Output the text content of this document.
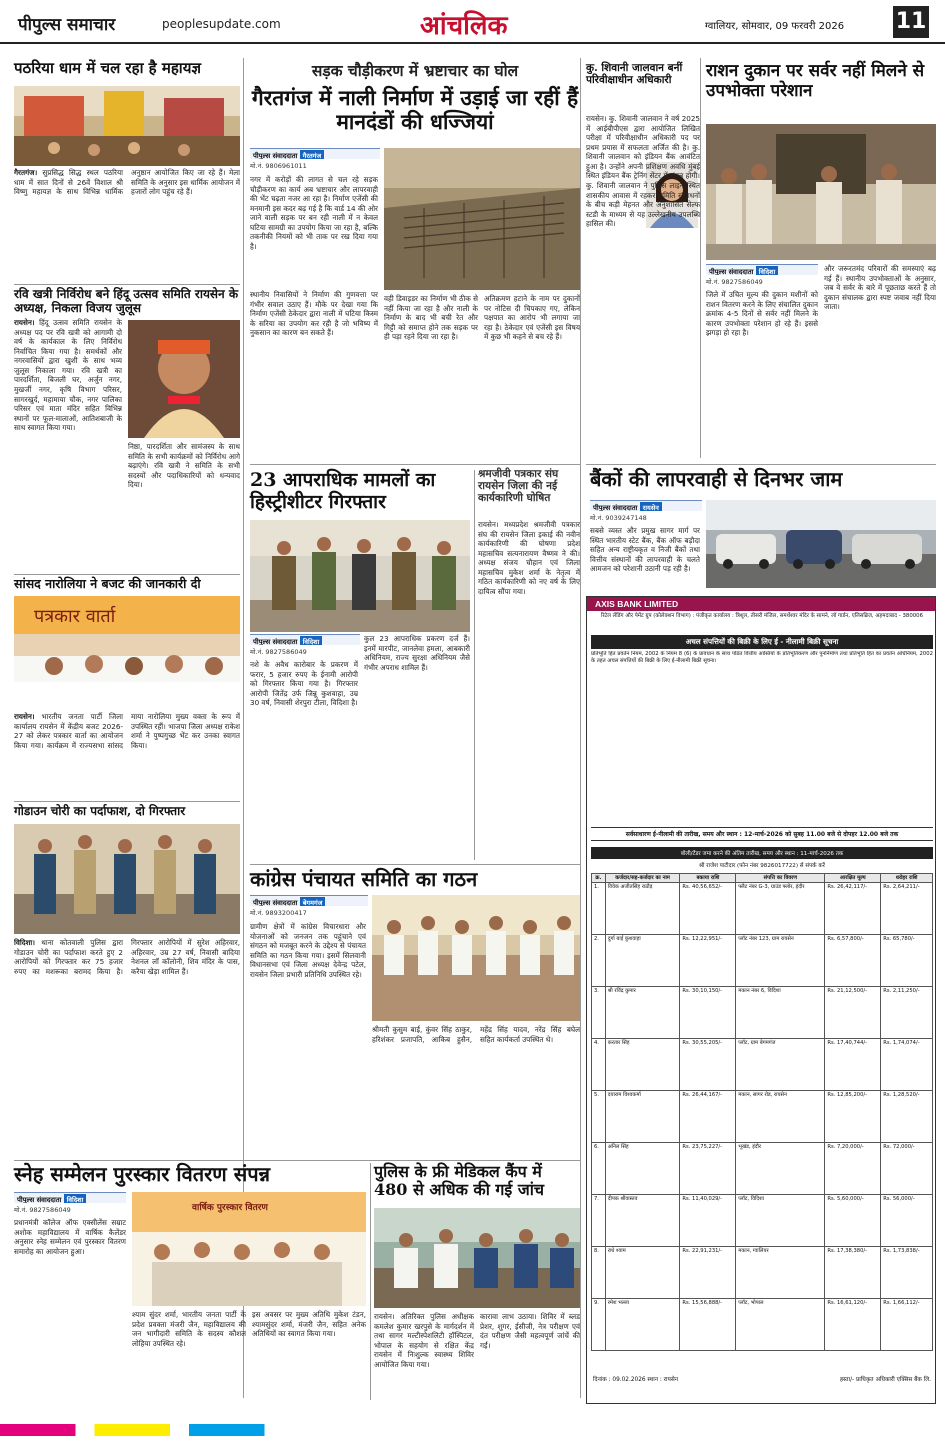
पीपुल्स समाचार	peoplesupdate.com	आंचलिक	ग्वालियर, सोमवार, 09 फरवरी 2026 11
पठरिया धाम में चल रहा है महायज्ञ
गैरतगंज। सुप्रसिद्ध सिद्ध स्थल पठरिया धाम में सात दिनों से 26वें विशाल श्री विष्णु महायज्ञ के साथ विभिन्न धार्मिक अनुष्ठान आयोजित किए जा रहे हैं। मेला समिति के अनुसार इस धार्मिक आयोजन में हजारों लोग पहुंच रहे हैं।
रवि खत्री निर्विरोध बने हिंदू उत्सव समिति रायसेन के अध्यक्ष, निकला विजय जुलूस
रायसेन। हिंदू उत्सव समिति रायसेन के अध्यक्ष पद पर रवि खत्री को आगामी दो वर्ष के कार्यकाल के लिए निर्विरोध निर्वाचित किया गया है। समर्थकों और नगरवासियों द्वारा खुशी के साथ भव्य जुलूस निकाला गया। रवि खत्री का पारदर्शिता, बिजली घर, अर्जुन नगर, मुखर्जी नगर, कृषि विभाग परिसर, सागरखुर्द, महामाया चौक, नगर पालिका परिसर एवं माता मंदिर सहित विभिन्न स्थानों पर फूल-मालाओं, आतिशबाजी के साथ स्वागत किया गया।
निष्ठा, पारदर्शिता और सामंजस्य के साथ समिति के सभी कार्यक्रमों को निर्विरोध आगे बढ़ाएंगे। रवि खत्री ने समिति के सभी सदस्यों और पदाधिकारियों को धन्यवाद दिया।
सांसद नारोलिया ने बजट की जानकारी दी
पत्रकार वार्ता
रायसेन। भारतीय जनता पार्टी जिला कार्यालय रायसेन में केंद्रीय बजट 2026-27 को लेकर पत्रकार वार्ता का आयोजन किया गया। कार्यक्रम में राज्यसभा सांसद माया नारोलिया मुख्य वक्ता के रूप में उपस्थित रहीं। भाजपा जिला अध्यक्ष राकेश शर्मा ने पुष्पगुच्छ भेंट कर उनका स्वागत किया।
गोडाउन चोरी का पर्दाफाश, दो गिरफ्तार
विदिशा। थाना कोतवाली पुलिस द्वारा गोडाउन चोरी का पर्दाफाश करते हुए 2 आरोपियों को गिरफ्तार कर 75 हजार रुपए का मशरूका बरामद किया है। गिरफ्तार आरोपियों में सुरेश अहिरवार, अहिरवार, उम्र 27 वर्ष, निवासी बादिया नेशनल लॉ कॉलोनी, शिव मंदिर के पास, करैया खेड़ा शामिल हैं।
सड़क चौड़ीकरण में भ्रष्टाचार का घोल
गैरतगंज में नाली निर्माण में उड़ाई जा रहीं हैं मानदंडों की धज्जियां
पीपुल्स संवाददाता गैरतगंज
मो.नं. 9806961011
नगर में करोड़ों की लागत से चल रहे सड़क चौड़ीकरण का कार्य अब भ्रष्टाचार और लापरवाही की भेंट चढ़ता नजर आ रहा है। निर्माण एजेंसी की मनमानी इस कदर बढ़ गई है कि वार्ड 14 की ओर जाने वाली सड़क पर बन रही नाली में न केवल घटिया सामग्री का उपयोग किया जा रहा है, बल्कि तकनीकी नियमों को भी ताक पर रख दिया गया है।
स्थानीय निवासियों ने निर्माण की गुणवत्ता पर गंभीर सवाल उठाए हैं। मौके पर देखा गया कि निर्माण एजेंसी ठेकेदार द्वारा नाली में घटिया किस्म के सरिया का उपयोग कर रही है जो भविष्य में नुकसान का कारण बन सकते हैं।
वही डिवाइडर का निर्माण भी ठीक से नहीं किया जा रहा है और नाली के निर्माण के बाद भी बची रेत और गिट्टी को समाप्त होने तक सड़क पर ही पड़ा रहने दिया जा रहा है।
अतिक्रमण हटाने के नाम पर दुकानों पर नोटिस दी चिपकाए गए, लेकिन पक्षपात का आरोप भी लगाया जा रहा है। ठेकेदार एवं एजेंसी इस विषय में कुछ भी कहने से बच रहे हैं।
23 आपराधिक मामलों का हिस्ट्रीशीटर गिरफ्तार
पीपुल्स संवाददाता विदिशा
मो.नं. 9827586049
नशे के अवैध कारोबार के प्रकरण में फरार, 5 हजार रुपए के ईनामी आरोपी को गिरफ्तार किया गया है। गिरफ्तार आरोपी जितेंद्र उर्फ जिन्नू कुशवाहा, उम्र 30 वर्ष, निवासी शेरपुरा टीला, विदिशा है।
कुल 23 आपराधिक प्रकरण दर्ज हैं। इनमें मारपीट, जानलेवा हमला, आबकारी अधिनियम, राज्य सुरक्षा अधिनियम जैसे गंभीर अपराध शामिल हैं।
श्रमजीवी पत्रकार संघ रायसेन जिला की नई कार्यकारिणी घोषित
रायसेन। मध्यप्रदेश श्रमजीवी पत्रकार संघ की रायसेन जिला इकाई की नवीन कार्यकारिणी की घोषणा प्रदेश महासचिव सत्यनारायण वैष्णव ने की। अध्यक्ष संजय चौहान एवं जिला महासचिव मुकेश शर्मा के नेतृत्व में गठित कार्यकारिणी को नए वर्ष के लिए दायित्व सौंपा गया।
कांग्रेस पंचायत समिति का गठन
पीपुल्स संवाददाता बेगमगंज
मो.नं. 9893200417
ग्रामीण क्षेत्रों में कांग्रेस विचारधारा और योजनाओं को जनजन तक पहुंचाने एवं संगठन को मजबूत करने के उद्देश्य से पंचायत समिति का गठन किया गया। इसमें सिलवानी विधानसभा एवं जिला अध्यक्ष देवेन्द्र पटेल, रायसेन जिला प्रभारी प्रतिनिधि उपस्थित रहे।
श्रीमती कुसुम बाई, कुंवर सिंह ठाकुर, हरिशंकर प्रजापति, आकिब हुसैन, महेंद्र सिंह यादव, नरेंद्र सिंह बघेल सहित कार्यकर्ता उपस्थित थे।
स्नेह सम्मेलन पुरस्कार वितरण संपन्न
पीपुल्स संवाददाता विदिशा
मो.नं. 9827586049	वार्षिक पुरस्कार वितरण
प्रधानमंत्री कॉलेज ऑफ एक्सीलेंस सम्राट अशोक महाविद्यालय में वार्षिक कैलेंडर अनुसार स्नेह सम्मेलन एवं पुरस्कार वितरण समारोह का आयोजन हुआ।
श्याम सुंदर शर्मा, भारतीय जनता पार्टी के प्रदेश प्रवक्ता मंजरी जैन, महाविद्यालय की जन भागीदारी समिति के सदस्य कौशल लोहिया उपस्थित रहे।
इस अवसर पर मुख्य अतिथि मुकेश टंडन, श्यामसुंदर शर्मा, मंजरी जैन, सहित अनेक अतिथियों का स्वागत किया गया।
पुलिस के फ्री मेडिकल कैंप में 480 से अधिक की गई जांच
रायसेन। अतिरिक्त पुलिस अधीक्षक कमलेश कुमार खरपुसे के मार्गदर्शन में तथा सागर मल्टीस्पेशलिटी हॉस्पिटल, भोपाल के सहयोग से रक्षित केंद्र रायसेन में निःशुल्क स्वास्थ्य शिविर आयोजित किया गया।
कारावा लाभ उठाया। शिविर में ब्लड प्रेशर, शुगर, ईसीजी, नेत्र परीक्षण एवं दंत परीक्षण जैसी महत्वपूर्ण जांचें की गईं।
कु. शिवानी जालवान बनीं परिवीक्षाधीन अधिकारी
रायसेन। कु. शिवानी जालवान ने वर्ष 2025 में आईबीपीएस द्वारा आयोजित लिखित परीक्षा में परिवीक्षाधीन अधिकारी पद पर प्रथम प्रयास में सफलता अर्जित की है। कु. शिवानी जालवान को इंडियन बैंक आवंटित हुआ है। उन्होंने अपनी प्रशिक्षण अवधि मुंबई स्थित इंडियन बैंक ट्रेनिंग सेंटर में संपन्न होगी। कु. शिवानी जालवान ने पुलिस लाइन स्थित शासकीय आवास में रहकर समिति संसाधनों के बीच कड़ी मेहनत और अनुशासित सेल्फ स्टडी के माध्यम से यह उल्लेखनीय उपलब्धि हासिल की।
राशन दुकान पर सर्वर नहीं मिलने से उपभोक्ता परेशान
पीपुल्स संवाददाता विदिशा
मो.नं. 9827586049
जिले में उचित मूल्य की दुकान मशीनों को राशन वितरण करने के लिए संचालित दुकान क्रमांक 4-5 दिनों से सर्वर नहीं मिलने के कारण उपभोक्ता परेशान हो रहे हैं। इससे झगड़ा हो रहा है।
और जरूरतमंद परिवारों की समस्याएं बढ़ गई हैं। स्थानीय उपभोक्ताओं के अनुसार, जब वे सर्वर के बारे में पूछताछ करते हैं तो दुकान संचालक द्वारा स्पष्ट जवाब नहीं दिया जाता।
बैंकों की लापरवाही से दिनभर जाम
पीपुल्स संवाददाता रायसेन
मो.नं. 9039247148
सबसे व्यस्त और प्रमुख सागर मार्ग पर स्थित भारतीय स्टेट बैंक, बैंक ऑफ बड़ौदा सहित अन्य राष्ट्रीयकृत व निजी बैंकों तथा वित्तीय संस्थानों की लापरवाही के चलते आमजन को परेशानी उठानी पड़ रही है।
AXIS BANK LIMITED
रिटेल लेंडिंग और पेमेंट ग्रुप (कोलेक्शन विभाग) : पंजीकृत कार्यालय : त्रिशूल, तीसरी मंजिल, समर्थेश्वर मंदिर के सामने, लॉ गार्डन, एलिसब्रिज, अहमदाबाद - 380006
अचल संपत्तियों की बिक्री के लिए ई - नीलामी बिक्री सूचना
प्रतिभूति हित प्रवर्तन नियम, 2002 के नियम 8 (6) के प्रावधान के साथ पठित वित्तीय आस्तियों के प्रतिभूतिकरण और पुनर्निर्माण तथा प्रतिभूति हित का प्रवर्तन अधिनियम, 2002 के तहत अचल संपत्तियों की बिक्री के लिए ई-नीलामी बिक्री सूचना।
सर्वसाधारण ई-नीलामी की तारीख, समय और स्थान : 12-मार्च-2026 को सुबह 11.00 बजे से दोपहर 12.00 बजे तक
बोली/टेंडर जमा करने की अंतिम तारीख, समय और स्थान : 11-मार्च-2026 तक
श्री राजेश पाटीदार (फोन नंबर 9826017722) से संपर्क करें
क्र.	कर्जदार/सह-कर्जदार का नाम	बकाया राशि	संपत्ति का विवरण	आरक्षित मूल्य	धरोहर राशि
1.	विवेक अजीतसिंह राठौड़	Rs. 40,56,652/-	फ्लैट नंबर G-3, ग्राउंड फ्लोर, इंदौर	Rs. 26,42,117/-	Rs. 2,64,211/-
2.	दुर्गा बाई कुशवाहा	Rs. 12,22,951/-	प्लॉट नंबर 123, ग्राम रायसेन	Rs. 6,57,800/-	Rs. 65,780/-
3.	श्री रविंद्र कुमार	Rs. 30,10,150/-	मकान नंबर 6, विदिशा	Rs. 21,12,500/-	Rs. 2,11,250/-
4.	करतार सिंह	Rs. 30,55,205/-	प्लॉट, ग्राम बेगमगंज	Rs. 17,40,744/-	Rs. 1,74,074/-
5.	दयाराम विश्वकर्मा	Rs. 26,44,167/-	मकान, सागर रोड, रायसेन	Rs. 12,85,200/-	Rs. 1,28,520/-
6.	अनिल सिंह	Rs. 23,75,227/-	भूखंड, इंदौर	Rs. 7,20,000/-	Rs. 72,000/-
7.	दीपक श्रीवास्तव	Rs. 11,40,029/-	प्लॉट, विदिशा	Rs. 5,60,000/-	Rs. 56,000/-
8.	राधे श्याम	Rs. 22,91,231/-	मकान, ग्वालियर	Rs. 17,38,380/-	Rs. 1,73,838/-
9.	रमेश भल्ला	Rs. 15,56,888/-	प्लॉट, भोपाल	Rs. 16,61,120/-	Rs. 1,66,112/-
दिनांक : 09.02.2026 स्थान : रायसेन	हस्ता/- प्राधिकृत अधिकारी एक्सिस बैंक लि.
